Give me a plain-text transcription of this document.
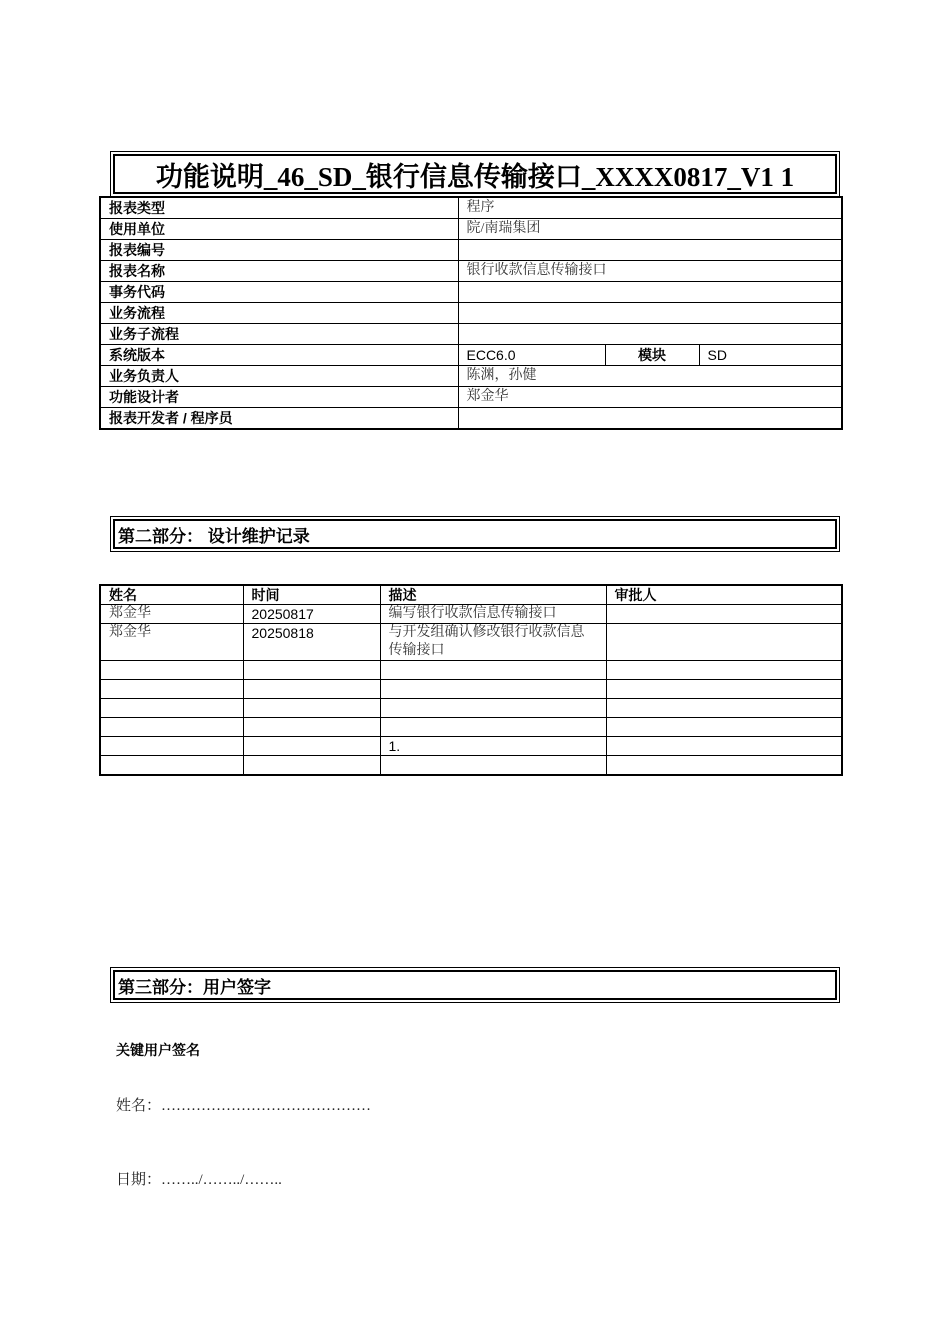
功能说明_46_SD_银行信息传输接口_XXXX0817_V1 1
报表类型	程序		
使用单位	院/南瑞集团		
报表编号			
报表名称	银行收款信息传输接口		
事务代码			
业务流程			
业务子流程			
系统版本	ECC6.0	模块	SD
业务负责人	陈渊，孙健		
功能设计者	郑金华		
报表开发者 / 程序员			
第二部分： 设计维护记录
姓名	时间	描述	审批人
郑金华	20250817	编写银行收款信息传输接口	
郑金华	20250818	与开发组确认修改银行收款信息传输接口	

		1.	

第三部分：用户签字
关键用户签名
姓名：……………………………………
日期：……../……../……..
